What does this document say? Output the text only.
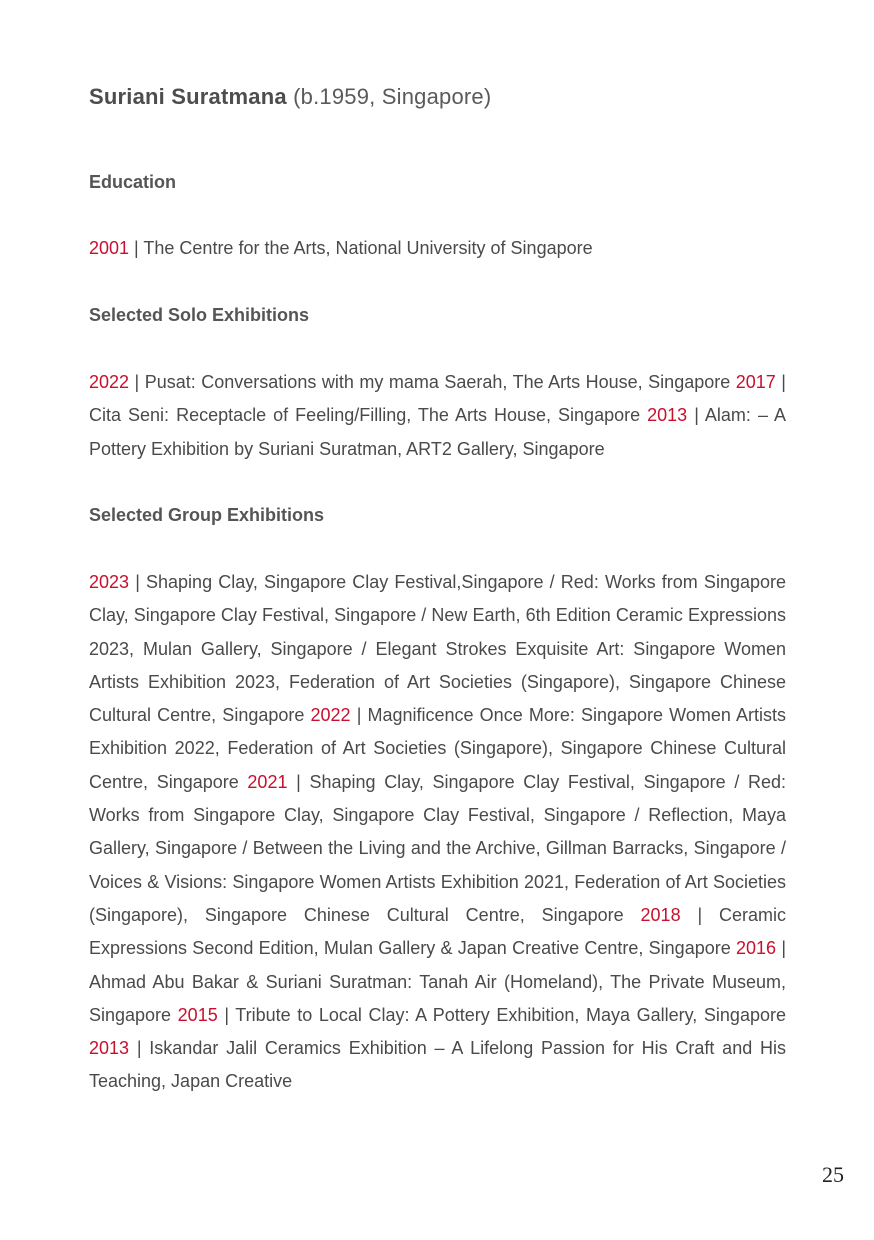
Suriani Suratmana (b.1959, Singapore)
Education
2001 | The Centre for the Arts, National University of Singapore
Selected Solo Exhibitions
2022 | Pusat: Conversations with my mama Saerah, The Arts House, Singapore 2017 | Cita Seni: Receptacle of Feeling/Filling, The Arts House, Singapore 2013 | Alam: – A Pottery Exhibition by Suriani Suratman, ART2 Gallery, Singapore
Selected Group Exhibitions
2023 | Shaping Clay, Singapore Clay Festival,Singapore / Red: Works from Singapore Clay, Singapore Clay Festival, Singapore / New Earth, 6th Edition Ceramic Expressions 2023, Mulan Gallery, Singapore / Elegant Strokes Exquisite Art: Singapore Women Artists Exhibition 2023, Federation of Art Societies (Singapore), Singapore Chinese Cultural Centre, Singapore 2022 | Magnificence Once More: Singapore Women Artists Exhibition 2022, Federation of Art Societies (Singapore), Singapore Chinese Cultural Centre, Singapore 2021 | Shaping Clay, Singapore Clay Festival, Singapore / Red: Works from Singapore Clay, Singapore Clay Festival, Singapore / Reflection, Maya Gallery, Singapore / Between the Living and the Archive, Gillman Barracks, Singapore / Voices & Visions: Singapore Women Artists Exhibition 2021, Federation of Art Societies (Singapore), Singapore Chinese Cultural Centre, Singapore 2018 | Ceramic Expressions Second Edition, Mulan Gallery & Japan Creative Centre, Singapore 2016 | Ahmad Abu Bakar & Suriani Suratman: Tanah Air (Homeland), The Private Museum, Singapore 2015 | Tribute to Local Clay: A Pottery Exhibition, Maya Gallery, Singapore 2013 | Iskandar Jalil Ceramics Exhibition – A Lifelong Passion for His Craft and His Teaching, Japan Creative
25
